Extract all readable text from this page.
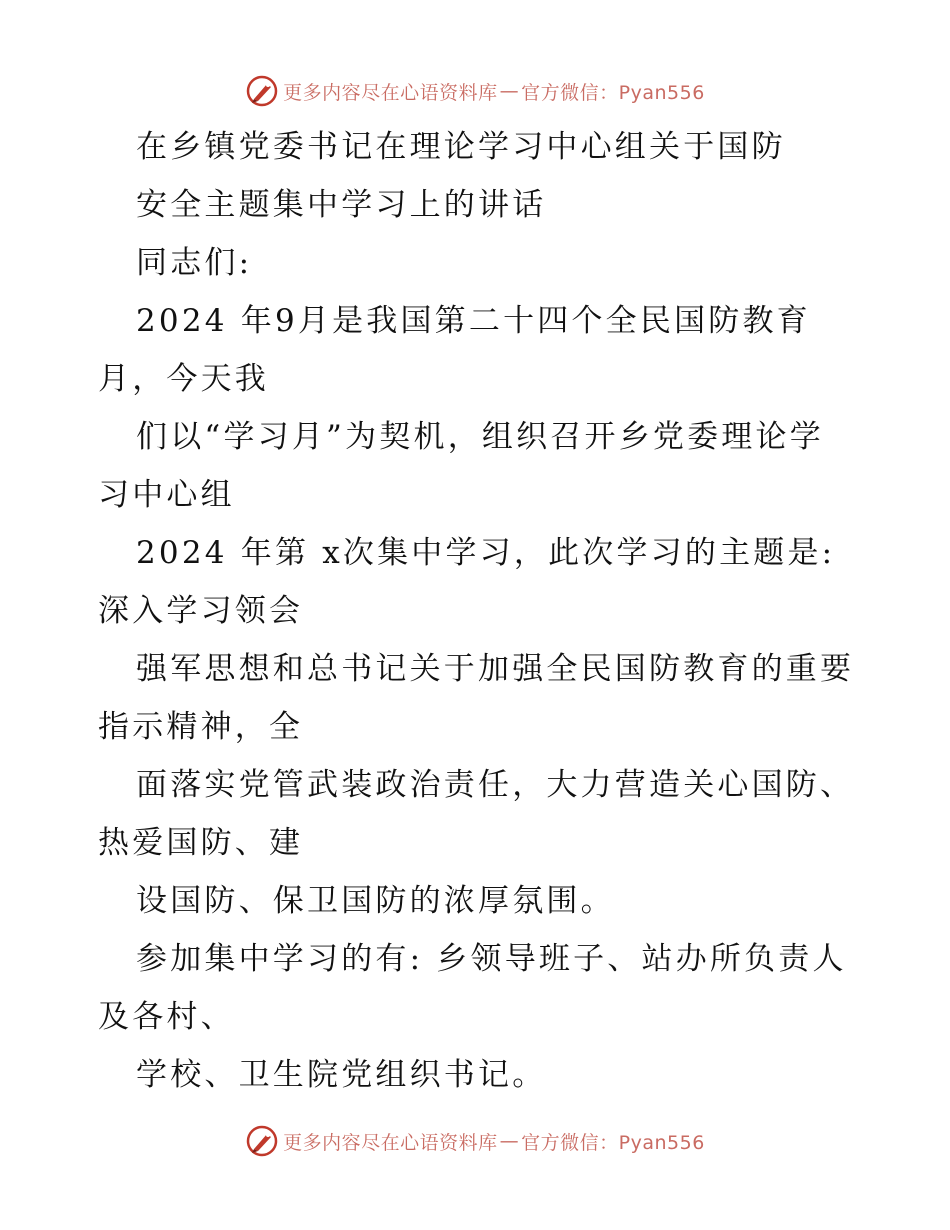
更多内容尽在心语资料库 — 官方微信：Pyan556
在乡镇党委书记在理论学习中心组关于国防
安全主题集中学习上的讲话
同志们:
2024 年9月是我国第二十四个全民国防教育
月，今天我
们以“学习月”为契机，组织召开乡党委理论学
习中心组
2024 年第 x次集中学习，此次学习的主题是:
深入学习领会
强军思想和总书记关于加强全民国防教育的重要
指示精神，全
面落实党管武装政治责任，大力营造关心国防、
热爱国防、建
设国防、保卫国防的浓厚氛围。
参加集中学习的有: 乡领导班子、站办所负责人
及各村、
学校、卫生院党组织书记。
更多内容尽在心语资料库 — 官方微信：Pyan556
